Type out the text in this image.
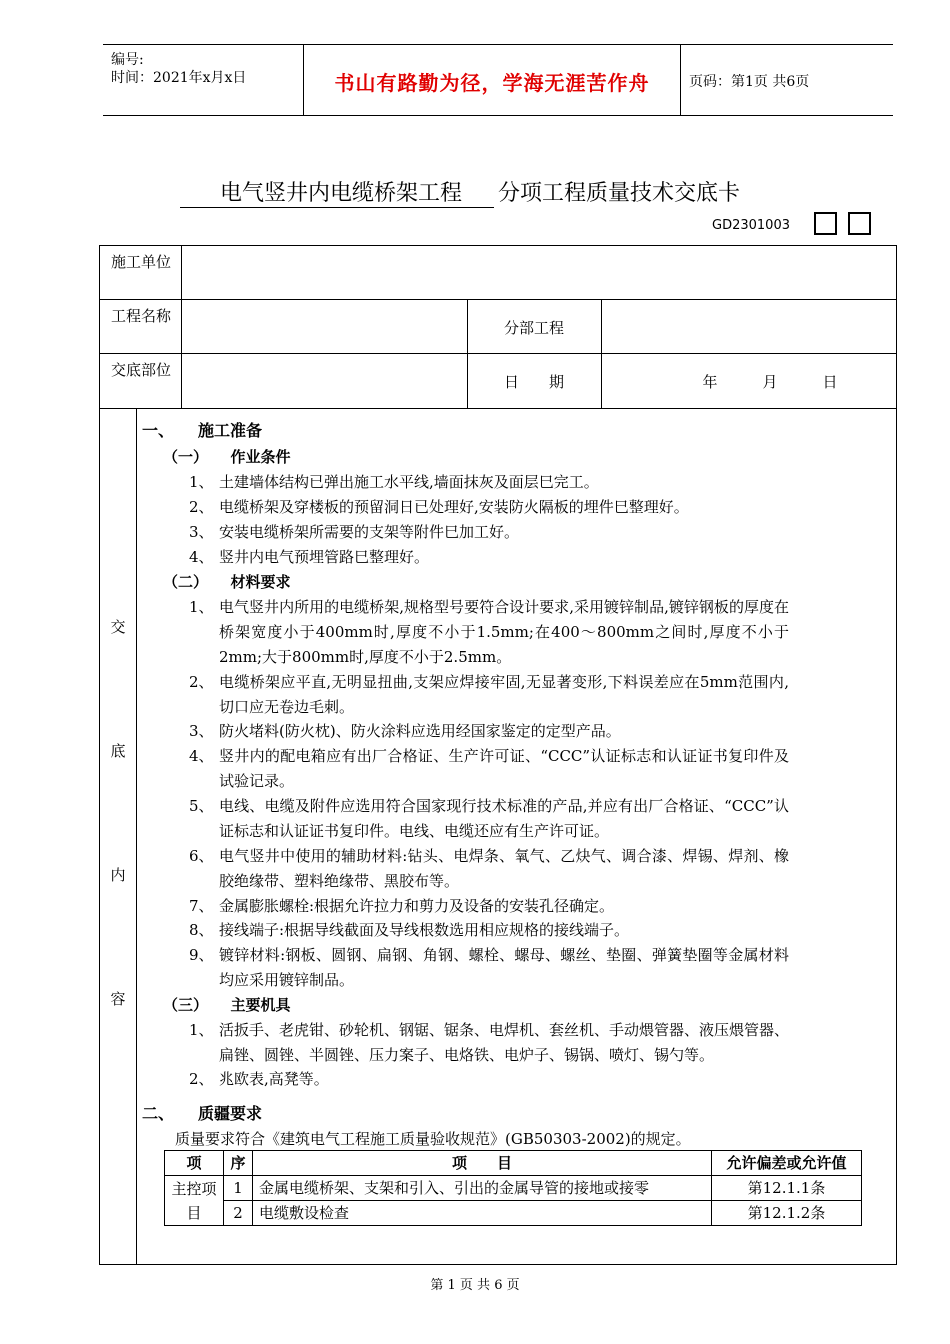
编号:
时间：2021年x月x日	书山有路勤为径，学海无涯苦作舟	页码：第1页 共6页
电气竖井内电缆桥架工程 分项工程质量技术交底卡
GD2301003
施工单位
工程名称
交底部位
分部工程
日　　期	年　　　月　　　日
交
底
内
容
一、　　施工准备
（一）　　作业条件
1、 土建墙体结构已弹出施工水平线,墙面抹灰及面层巳完工。
2、 电缆桥架及穿楼板的预留洞日已处理好,安装防火隔板的埋件巳整理好。
3、 安装电缆桥架所需要的支架等附件巳加工好。
4、 竖井内电气预埋管路巳整理好。
（二）　　材料要求
1、 电气竖井内所用的电缆桥架,规格型号要符合设计要求,采用镀锌制品,镀锌钢板的厚度在桥架宽度小于400mm时,厚度不小于1.5mm;在400～800mm之间时,厚度不小于2mm;大于800mm时,厚度不小于2.5mm。
2、 电缆桥架应平直,无明显扭曲,支架应焊接牢固,无显著变形,下料误差应在5mm范围内,切口应无卷边毛刺。
3、 防火堵料(防火枕)、防火涂料应选用经国家鉴定的定型产品。
4、 竖井内的配电箱应有出厂合格证、生产许可证、“CCC”认证标志和认证证书复印件及试验记录。
5、 电线、电缆及附件应选用符合国家现行技术标准的产品,并应有出厂合格证、“CCC”认证标志和认证证书复印件。电线、电缆还应有生产许可证。
6、 电气竖井中使用的辅助材料:钻头、电焊条、氧气、乙炔气、调合漆、焊锡、焊剂、橡胶绝缘带、塑料绝缘带、黑胶布等。
7、 金属膨胀螺栓:根据允许拉力和剪力及设备的安装孔径确定。
8、 接线端子:根据导线截面及导线根数选用相应规格的接线端子。
9、 镀锌材料:钢板、圆钢、扁钢、角钢、螺栓、螺母、螺丝、垫圈、弹簧垫圈等金属材料均应采用镀锌制品。
（三）　　主要机具
1、 活扳手、老虎钳、砂轮机、钢锯、锯条、电焊机、套丝机、手动煨管器、液压煨管器、扁锉、圆锉、半圆锉、压力案子、电烙铁、电炉子、锡锅、喷灯、锡勺等。
2、 兆欧表,高凳等。
二、　　质疆要求
质量要求符合《建筑电气工程施工质量验收规范》(GB50303-2002)的规定。
项	序	项　　目	允许偏差或允许值
主控项目	1	金属电缆桥架、支架和引入、引出的金属导管的接地或接零	第12.1.1条
	2	电缆敷设检查	第12.1.2条
第 1 页 共 6 页
